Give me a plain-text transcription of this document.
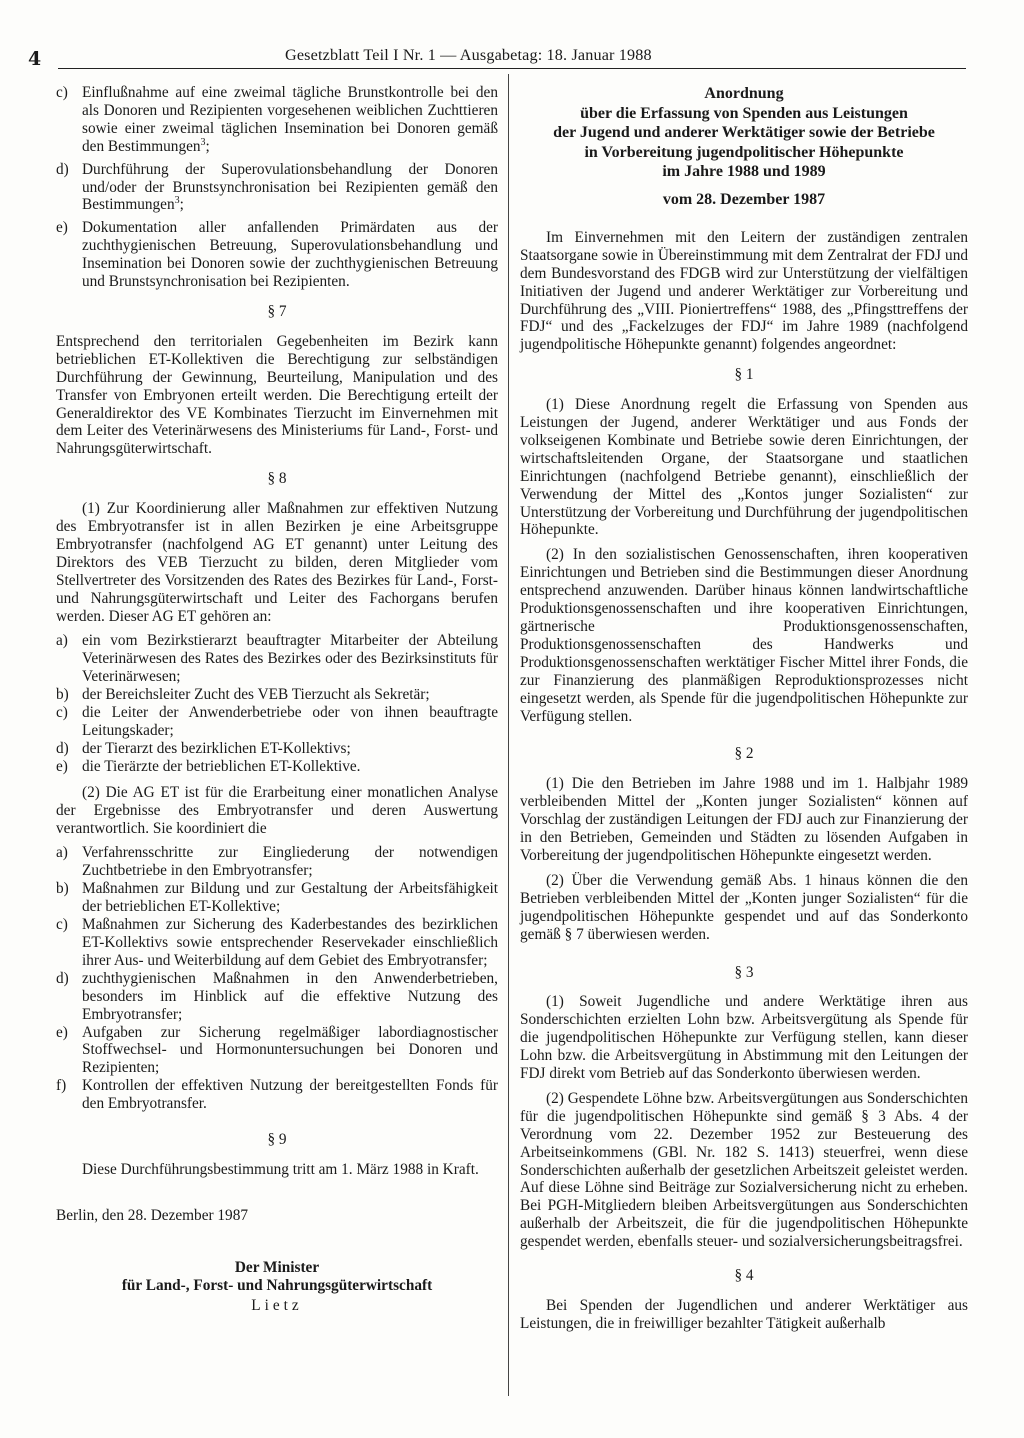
4	Gesetzblatt Teil I Nr. 1 — Ausgabetag: 18. Januar 1988
c) Einflußnahme auf eine zweimal tägliche Brunstkontrolle bei den als Donoren und Rezipienten vorgesehenen weiblichen Zuchttieren sowie einer zweimal täglichen Insemination bei Donoren gemäß den Bestimmungen$^3$;
d) Durchführung der Superovulationsbehandlung der Donoren und/oder der Brunstsynchronisation bei Rezipienten gemäß den Bestimmungen$^3$;
e) Dokumentation aller anfallenden Primärdaten aus der zuchthygienischen Betreuung, Superovulationsbehandlung und Insemination bei Donoren sowie der zuchthygienischen Betreuung und Brunstsynchronisation bei Rezipienten.
§ 7

Entsprechend den territorialen Gegebenheiten im Bezirk kann betrieblichen ET-Kollektiven die Berechtigung zur selbständigen Durchführung der Gewinnung, Beurteilung, Manipulation und des Transfer von Embryonen erteilt werden. Die Berechtigung erteilt der Generaldirektor des VE Kombinates Tierzucht im Einvernehmen mit dem Leiter des Veterinärwesens des Ministeriums für Land-, Forst- und Nahrungsgüterwirtschaft.

§ 8

(1) Zur Koordinierung aller Maßnahmen zur effektiven Nutzung des Embryotransfer ist in allen Bezirken je eine Arbeitsgruppe Embryotransfer (nachfolgend AG ET genannt) unter Leitung des Direktors des VEB Tierzucht zu bilden, deren Mitglieder vom Stellvertreter des Vorsitzenden des Rates des Bezirkes für Land-, Forst- und Nahrungsgüterwirtschaft und Leiter des Fachorgans berufen werden. Dieser AG ET gehören an:

a) ein vom Bezirkstierarzt beauftragter Mitarbeiter der Abteilung Veterinärwesen des Rates des Bezirkes oder des Bezirksinstituts für Veterinärwesen;
b) der Bereichsleiter Zucht des VEB Tierzucht als Sekretär;
c) die Leiter der Anwenderbetriebe oder von ihnen beauftragte Leitungskader;
d) der Tierarzt des bezirklichen ET-Kollektivs;
e) die Tierärzte der betrieblichen ET-Kollektive.

(2) Die AG ET ist für die Erarbeitung einer monatlichen Analyse der Ergebnisse des Embryotransfer und deren Auswertung verantwortlich. Sie koordiniert die

a) Verfahrensschritte zur Eingliederung der notwendigen Zuchtbetriebe in den Embryotransfer;
b) Maßnahmen zur Bildung und zur Gestaltung der Arbeitsfähigkeit der betrieblichen ET-Kollektive;
c) Maßnahmen zur Sicherung des Kaderbestandes des bezirklichen ET-Kollektivs sowie entsprechender Reservekader einschließlich ihrer Aus- und Weiterbildung auf dem Gebiet des Embryotransfer;
d) zuchthygienischen Maßnahmen in den Anwenderbetrieben, besonders im Hinblick auf die effektive Nutzung des Embryotransfer;
e) Aufgaben zur Sicherung regelmäßiger labordiagnostischer Stoffwechsel- und Hormonuntersuchungen bei Donoren und Rezipienten;
f) Kontrollen der effektiven Nutzung der bereitgestellten Fonds für den Embryotransfer.
§ 9

Diese Durchführungsbestimmung tritt am 1. März 1988 in Kraft.

Berlin, den 28. Dezember 1987
Der Minister
für Land-, Forst- und Nahrungsgüterwirtschaft
Lietz
Anordnung
über die Erfassung von Spenden aus Leistungen
der Jugend und anderer Werktätiger sowie der Betriebe
in Vorbereitung jugendpolitischer Höhepunkte
im Jahre 1988 und 1989
vom 28. Dezember 1987

Im Einvernehmen mit den Leitern der zuständigen zentralen Staatsorgane sowie in Übereinstimmung mit dem Zentralrat der FDJ und dem Bundesvorstand des FDGB wird zur Unterstützung der vielfältigen Initiativen der Jugend und anderer Werktätiger zur Vorbereitung und Durchführung des „VIII. Pioniertreffens“ 1988, des „Pfingsttreffens der FDJ“ und des „Fackelzuges der FDJ“ im Jahre 1989 (nachfolgend jugendpolitische Höhepunkte genannt) folgendes angeordnet:

§ 1

(1) Diese Anordnung regelt die Erfassung von Spenden aus Leistungen der Jugend, anderer Werktätiger und aus Fonds der volkseigenen Kombinate und Betriebe sowie deren Einrichtungen, der wirtschaftsleitenden Organe, der Staatsorgane und staatlichen Einrichtungen (nachfolgend Betriebe genannt), einschließlich der Verwendung der Mittel des „Kontos junger Sozialisten“ zur Unterstützung der Vorbereitung und Durchführung der jugendpolitischen Höhepunkte.

(2) In den sozialistischen Genossenschaften, ihren kooperativen Einrichtungen und Betrieben sind die Bestimmungen dieser Anordnung entsprechend anzuwenden. Darüber hinaus können landwirtschaftliche Produktionsgenossenschaften und ihre kooperativen Einrichtungen, gärtnerische Produktionsgenossenschaften, Produktionsgenossenschaften des Handwerks und Produktionsgenossenschaften werktätiger Fischer Mittel ihrer Fonds, die zur Finanzierung des planmäßigen Reproduktionsprozesses nicht eingesetzt werden, als Spende für die jugendpolitischen Höhepunkte zur Verfügung stellen.

§ 2

(1) Die den Betrieben im Jahre 1988 und im 1. Halbjahr 1989 verbleibenden Mittel der „Konten junger Sozialisten“ können auf Vorschlag der zuständigen Leitungen der FDJ auch zur Finanzierung der in den Betrieben, Gemeinden und Städten zu lösenden Aufgaben in Vorbereitung der jugendpolitischen Höhepunkte eingesetzt werden.

(2) Über die Verwendung gemäß Abs. 1 hinaus können die den Betrieben verbleibenden Mittel der „Konten junger Sozialisten“ für die jugendpolitischen Höhepunkte gespendet und auf das Sonderkonto gemäß § 7 überwiesen werden.

§ 3

(1) Soweit Jugendliche und andere Werktätige ihren aus Sonderschichten erzielten Lohn bzw. Arbeitsvergütung als Spende für die jugendpolitischen Höhepunkte zur Verfügung stellen, kann dieser Lohn bzw. die Arbeitsvergütung in Abstimmung mit den Leitungen der FDJ direkt vom Betrieb auf das Sonderkonto überwiesen werden.

(2) Gespendete Löhne bzw. Arbeitsvergütungen aus Sonderschichten für die jugendpolitischen Höhepunkte sind gemäß § 3 Abs. 4 der Verordnung vom 22. Dezember 1952 zur Besteuerung des Arbeitseinkommens (GBl. Nr. 182 S. 1413) steuerfrei, wenn diese Sonderschichten außerhalb der gesetzlichen Arbeitszeit geleistet werden. Auf diese Löhne sind Beiträge zur Sozialversicherung nicht zu erheben. Bei PGH-Mitgliedern bleiben Arbeitsvergütungen aus Sonderschichten außerhalb der Arbeitszeit, die für die jugendpolitischen Höhepunkte gespendet werden, ebenfalls steuer- und sozialversicherungsbeitragsfrei.

§ 4

Bei Spenden der Jugendlichen und anderer Werktätiger aus Leistungen, die in freiwilliger bezahlter Tätigkeit außerhalb
